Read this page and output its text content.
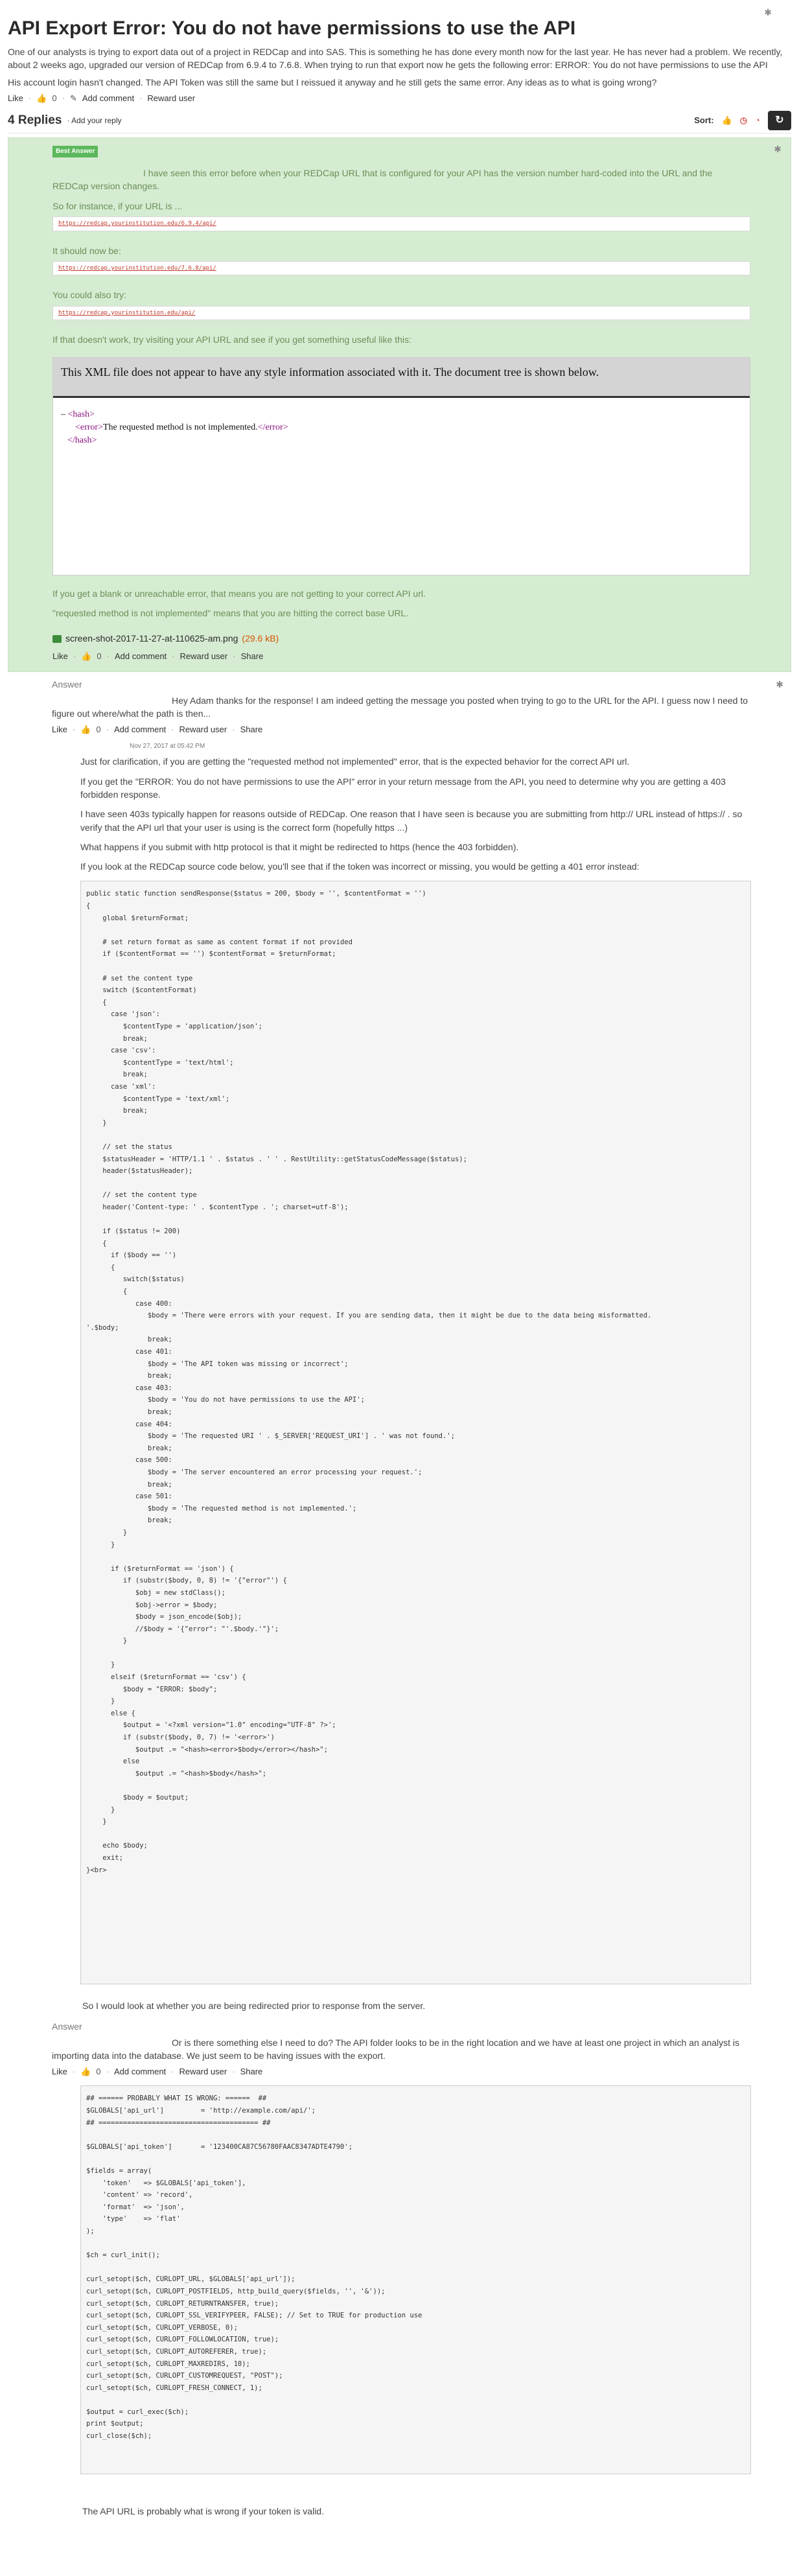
✱
API Export Error: You do not have permissions to use the API

One of our analysts is trying to export data out of a project in REDCap and into SAS. This is something he has done every month now for the last year. He has never had a problem. We recently, about 2 weeks ago, upgraded our version of REDCap from 6.9.4 to 7.6.8. When trying to run that export now he gets the following error: ERROR: You do not have permissions to use the API

His account login hasn't changed. The API Token was still the same but I reissued it anyway and he still gets the same error. Any ideas as to what is going wrong?

Like · 👍 0 · ✎ Add comment · Reward user
4 Replies · Add your reply	Sort: 👍 ◷ ◔	↻
Best Answer	✱

I have seen this error before when your REDCap URL that is configured for your API has the version number hard-coded into the URL and the REDCap version changes.

So for instance, if your URL is ...

https://redcap.yourinstitution.edu/6.9.4/api/

It should now be:

https://redcap.yourinstitution.edu/7.6.8/api/

You could also try:

https://redcap.yourinstitution.edu/api/

If that doesn't work, try visiting your API URL and see if you get something useful like this:

This XML file does not appear to have any style information associated with it. The document tree is shown below.
– <hash>
<error>The requested method is not implemented.</error>
</hash>

If you get a blank or unreachable error, that means you are not getting to your correct API url.

"requested method is not implemented" means that you are hitting the correct base URL.

screen-shot-2017-11-27-at-110625-am.png (29.6 kB)
Like · 👍 0 · Add comment · Reward user · Share
✱
Answer
Hey Adam thanks for the response! I am indeed getting the message you posted when trying to go to the URL for the API. I guess now I need to figure out where/what the path is then...
Like · 👍 0 · Add comment · Reward user · Share
Nov 27, 2017 at 05:42 PM

Just for clarification, if you are getting the "requested method not implemented" error, that is the expected behavior for the correct API url.

If you get the "ERROR: You do not have permissions to use the API" error in your return message from the API, you need to determine why you are getting a 403 forbidden response.

I have seen 403s typically happen for reasons outside of REDCap. One reason that I have seen is because you are submitting from http:// URL instead of https:// . so verify that the API url that your user is using is the correct form (hopefully https ...)

What happens if you submit with http protocol is that it might be redirected to https (hence the 403 forbidden).

If you look at the REDCap source code below, you'll see that if the token was incorrect or missing, you would be getting a 401 error instead:

public static function sendResponse($status = 200, $body = '', $contentFormat = '')
{
global $returnFormat;

# set return format as same as content format if not provided
if ($contentFormat == '') $contentFormat = $returnFormat;

# set the content type
switch ($contentFormat)
{
case 'json':
$contentType = 'application/json';
break;
case 'csv':
$contentType = 'text/html';
break;
case 'xml':
$contentType = 'text/xml';
break;
}

// set the status
$statusHeader = 'HTTP/1.1 ' . $status . ' ' . RestUtility::getStatusCodeMessage($status);
header($statusHeader);

// set the content type
header('Content-type: ' . $contentType . '; charset=utf-8');

if ($status != 200)
{
if ($body == '')
{
switch($status)
{
case 400:
$body = 'There were errors with your request. If you are sending data, then it might be due to the data being misformatted.
'.$body;
break;
case 401:
$body = 'The API token was missing or incorrect';
break;
case 403:
$body = 'You do not have permissions to use the API';
break;
case 404:
$body = 'The requested URI ' . $_SERVER['REQUEST_URI'] . ' was not found.';
break;
case 500:
$body = 'The server encountered an error processing your request.';
break;
case 501:
$body = 'The requested method is not implemented.';
break;
}
}

if ($returnFormat == 'json') {
if (substr($body, 0, 8) != '{"error"') {
$obj = new stdClass();
$obj->error = $body;
$body = json_encode($obj);
//$body = '{"error": "'.$body.'"}';
}

}
elseif ($returnFormat == 'csv') {
$body = "ERROR: $body";
}
else {
$output = '<?xml version="1.0" encoding="UTF-8" ?>';
if (substr($body, 0, 7) != '<error>')
$output .= "<hash><error>$body</error></hash>";
else
$output .= "<hash>$body</hash>";

$body = $output;
}
}

echo $body;
exit;
}<br>
So I would look at whether you are being redirected prior to response from the server.
Answer
Or is there something else I need to do? The API folder looks to be in the right location and we have at least one project in which an analyst is importing data into the database. We just seem to be having issues with the export.
Like · 👍 0 · Add comment · Reward user · Share
## ====== PROBABLY WHAT IS WRONG: ======  ##
$GLOBALS['api_url']         = 'http://example.com/api/';
## ======================================= ##

$GLOBALS['api_token']       = '123400CA87C56780FAAC8347ADTE4790';

$fields = array(
'token'   => $GLOBALS['api_token'],
'content' => 'record',
'format'  => 'json',
'type'    => 'flat'
);

$ch = curl_init();

curl_setopt($ch, CURLOPT_URL, $GLOBALS['api_url']);
curl_setopt($ch, CURLOPT_POSTFIELDS, http_build_query($fields, '', '&'));
curl_setopt($ch, CURLOPT_RETURNTRANSFER, true);
curl_setopt($ch, CURLOPT_SSL_VERIFYPEER, FALSE); // Set to TRUE for production use
curl_setopt($ch, CURLOPT_VERBOSE, 0);
curl_setopt($ch, CURLOPT_FOLLOWLOCATION, true);
curl_setopt($ch, CURLOPT_AUTOREFERER, true);
curl_setopt($ch, CURLOPT_MAXREDIRS, 10);
curl_setopt($ch, CURLOPT_CUSTOMREQUEST, "POST");
curl_setopt($ch, CURLOPT_FRESH_CONNECT, 1);

$output = curl_exec($ch);
print $output;
curl_close($ch);
The API URL is probably what is wrong if your token is valid.
